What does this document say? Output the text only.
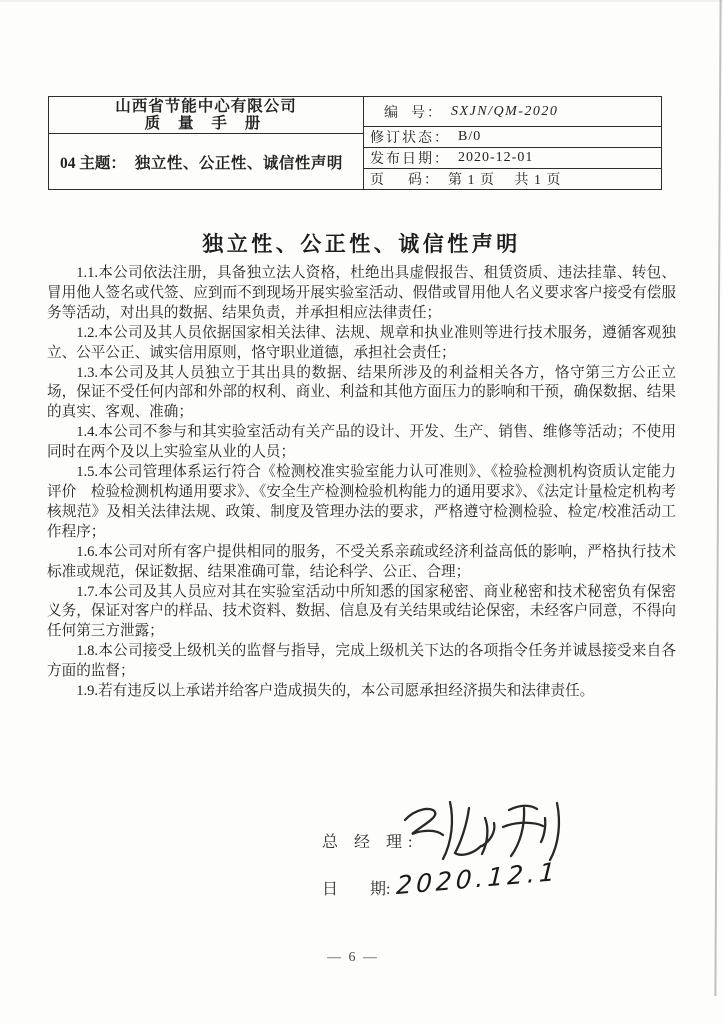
山西省节能中心有限公司
质 量 手 册
04 主题： 独立性、公正性、诚信性声明
编  号： SXJN/QM-2020
修订状态： B/0
发布日期： 2020-12-01
页    码： 第 1 页　 共 1 页
独立性、公正性、诚信性声明

1.1.本公司依法注册，具备独立法人资格，杜绝出具虚假报告、租赁资质、违法挂靠、转包、冒用他人签名或代签、应到而不到现场开展实验室活动、假借或冒用他人名义要求客户接受有偿服务等活动，对出具的数据、结果负责，并承担相应法律责任；

1.2.本公司及其人员依据国家相关法律、法规、规章和执业准则等进行技术服务，遵循客观独立、公平公正、诚实信用原则，恪守职业道德，承担社会责任；

1.3.本公司及其人员独立于其出具的数据、结果所涉及的利益相关各方，恪守第三方公正立场，保证不受任何内部和外部的权利、商业、利益和其他方面压力的影响和干预，确保数据、结果的真实、客观、准确；

1.4.本公司不参与和其实验室活动有关产品的设计、开发、生产、销售、维修等活动；不使用同时在两个及以上实验室从业的人员；

1.5.本公司管理体系运行符合《检测校准实验室能力认可准则》、《检验检测机构资质认定能力评价　检验检测机构通用要求》、《安全生产检测检验机构能力的通用要求》、《法定计量检定机构考核规范》及相关法律法规、政策、制度及管理办法的要求，严格遵守检测检验、检定/校准活动工作程序；

1.6.本公司对所有客户提供相同的服务，不受关系亲疏或经济利益高低的影响，严格执行技术标准或规范，保证数据、结果准确可靠，结论科学、公正、合理；

1.7.本公司及其人员应对其在实验室活动中所知悉的国家秘密、商业秘密和技术秘密负有保密义务，保证对客户的样品、技术资料、数据、信息及有关结果或结论保密，未经客户同意，不得向任何第三方泄露；

1.8.本公司接受上级机关的监督与指导，完成上级机关下达的各项指令任务并诚恳接受来自各方面的监督；

1.9.若有违反以上承诺并给客户造成损失的，本公司愿承担经济损失和法律责任。

总 经 理:
日        期: 2020.12.1
— 6 —
